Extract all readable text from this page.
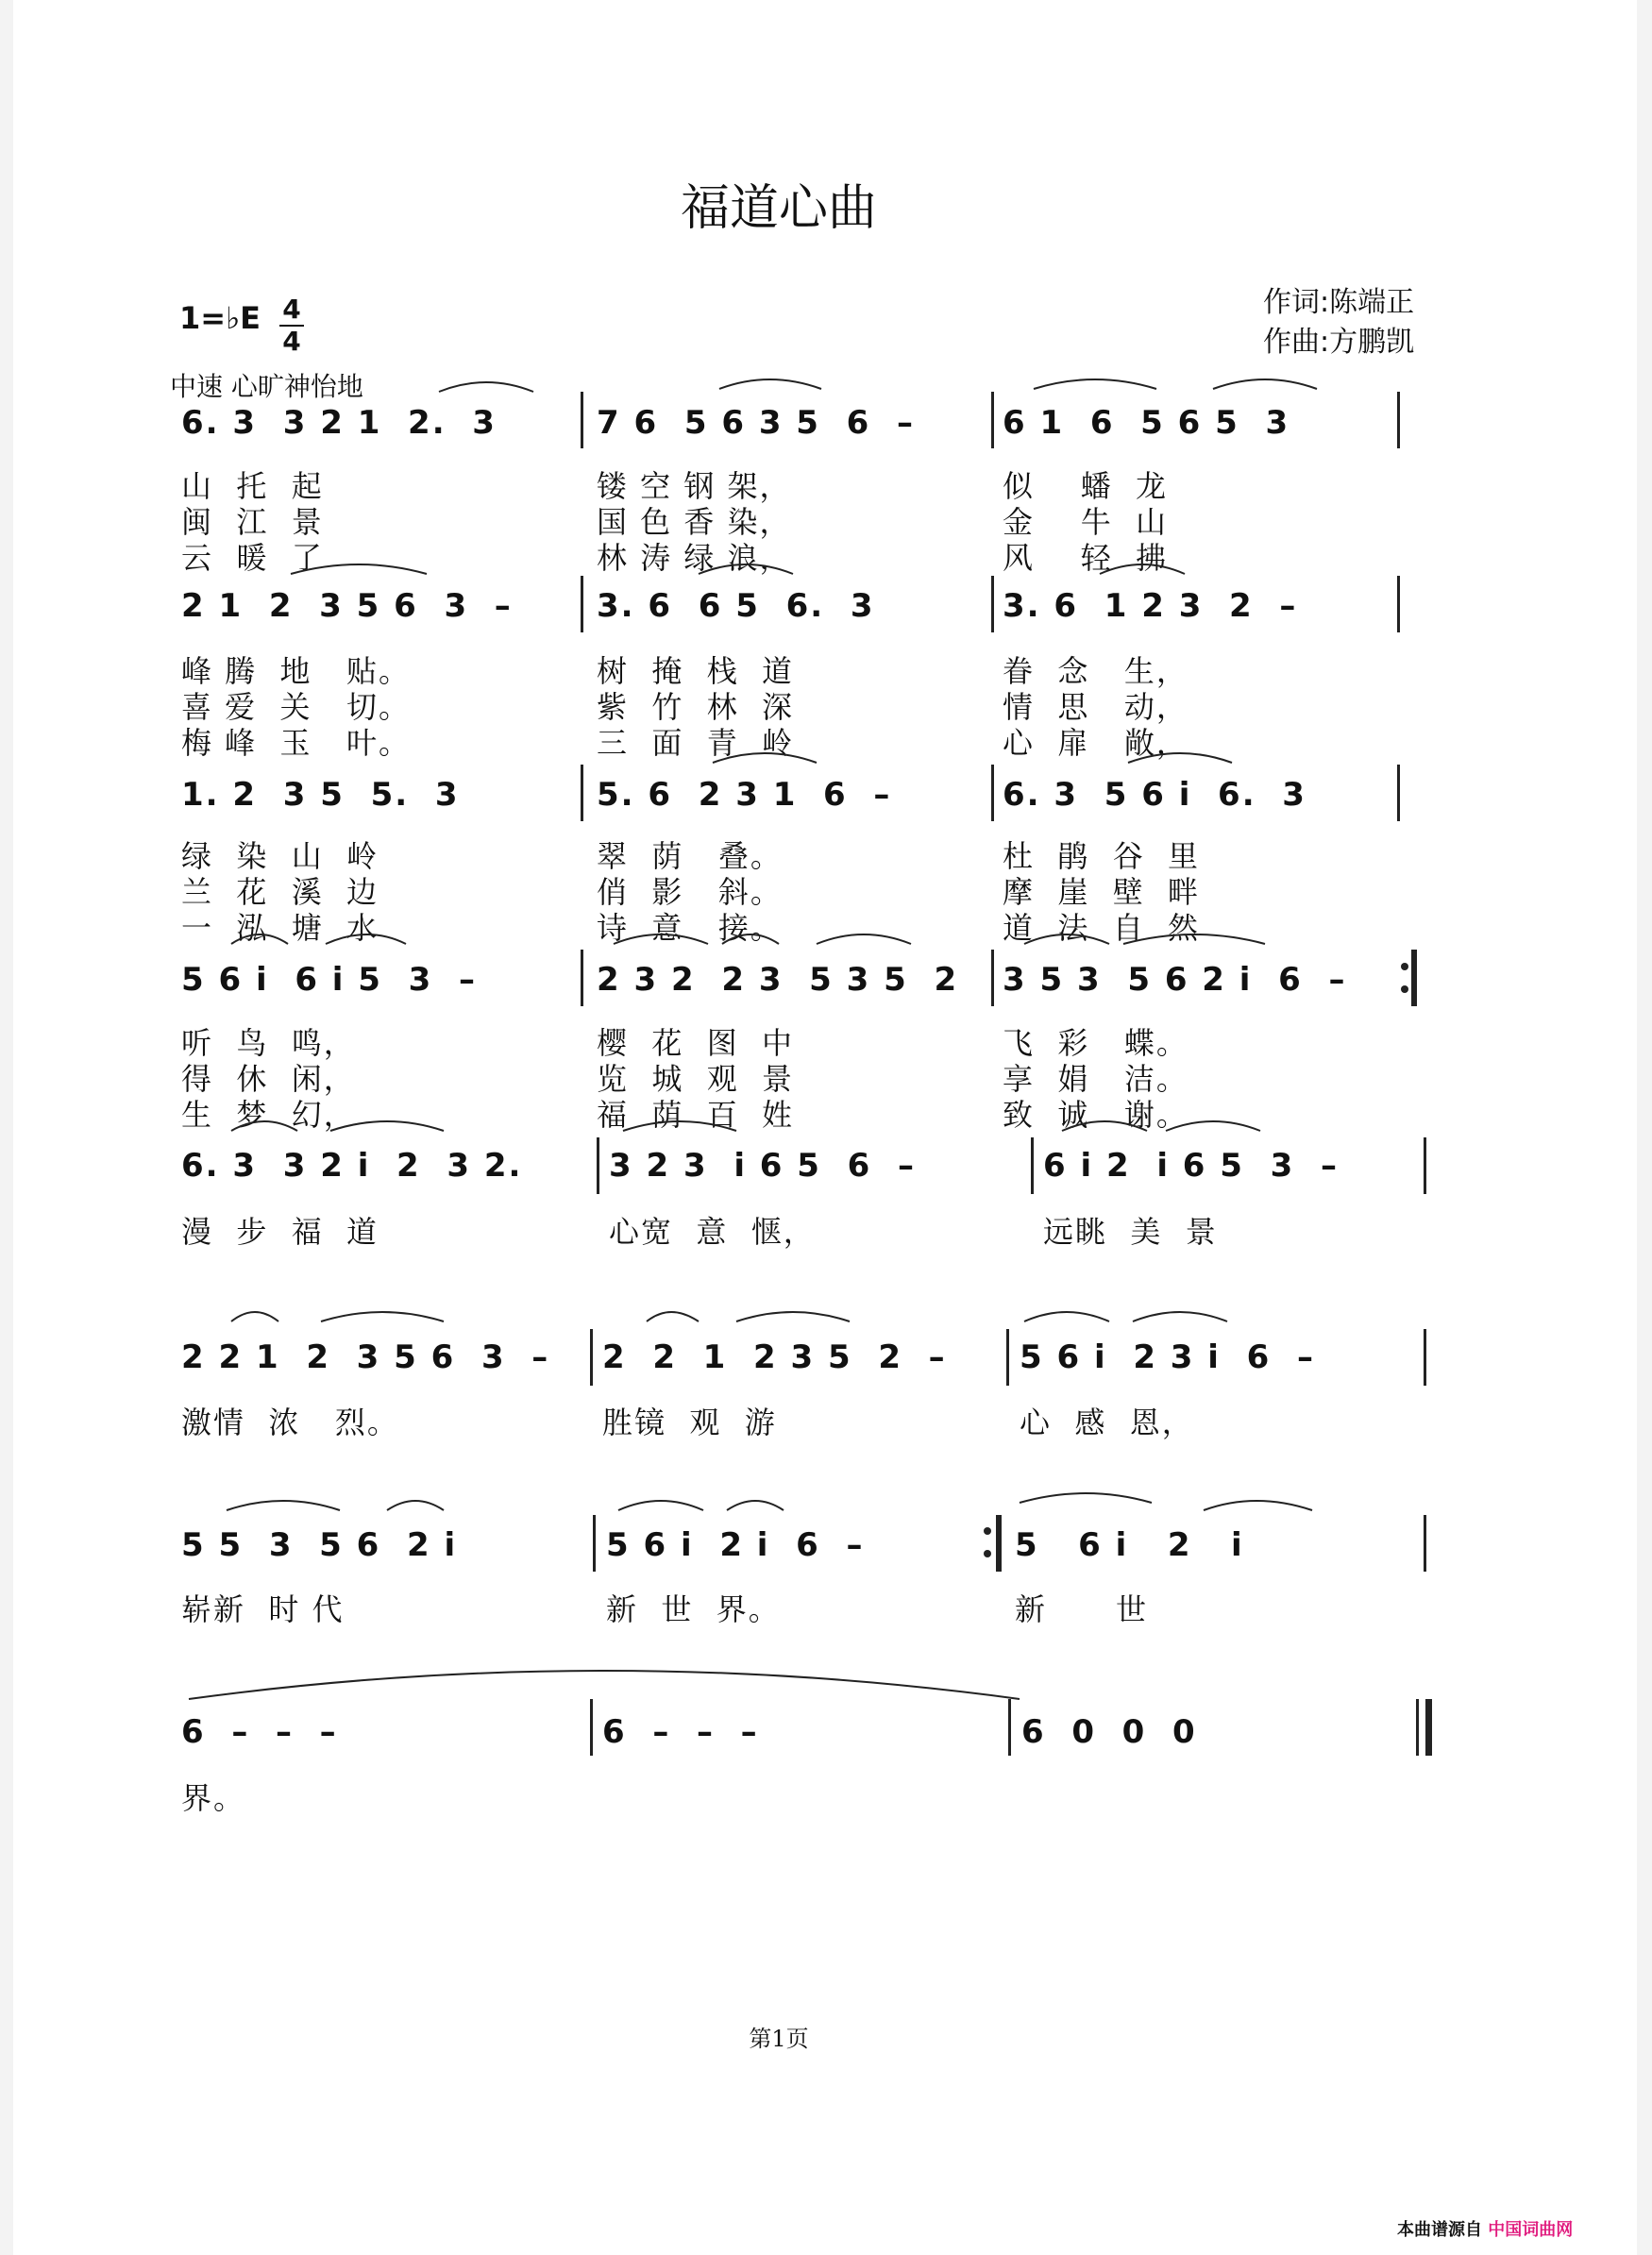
福道心曲
1=♭E 4
4
作词:陈端正
作曲:方鹏凯
中速 心旷神怡地
6. 3  3 2 1  2.  3	7 6  5 6 3 5  6  –	6 1  6  5 6 5  3
山  托  起	镂 空 钢 架，	似    蟠  龙
闽  江  景	国 色 香 染，	金    牛  山
云  暖  了	林 涛 绿 浪，	风    轻  拂
2 1  2  3 5 6  3  –	3. 6  6 5  6.  3	3. 6  1 2 3  2  –
峰 腾  地   贴。	树  掩  栈  道	眷  念   生，
喜 爱  关   切。	紫  竹  林  深	情  思   动，
梅 峰  玉   叶。	三  面  青  岭	心  扉   敞，
1. 2  3 5  5.  3	5. 6  2 3 1  6  –	6. 3  5 6 i  6.  3
绿  染  山  岭	翠  荫   叠。	杜  鹃  谷  里
兰  花  溪  边	俏  影   斜。	摩  崖  壁  畔
一  泓  塘  水	诗  意   接。	道  法  自  然
5 6 i  6 i 5  3  –	2 3 2  2 3  5 3 5  2 3 5 3  5 6 2 i  6  –
听  鸟  鸣，	樱  花  图  中	飞  彩   蝶。
得  休  闲，	览  城  观  景	享  娟   洁。
生  梦  幻，	福  荫  百  姓	致  诚   谢。
6. 3  3 2 i  2  3 2.	3 2 3  i 6 5  6  –	6 i 2  i 6 5  3  –
漫  步  福  道	心宽  意  惬，	远眺  美  景
2 2 1  2  3 5 6  3  – 2  2  1  2 3 5  2  – 5 6 i  2 3 i  6  –
激情  浓   烈。	胜镜  观  游	心  感  恩，
5 5  3  5 6  2 i	5 6 i  2 i  6  –	5   6 i   2   i
崭新  时 代	新  世  界。	新      世
6  –  –  –	6  –  –  –	6  0  0  0
界。
第1页
本曲谱源自 中国词曲网
